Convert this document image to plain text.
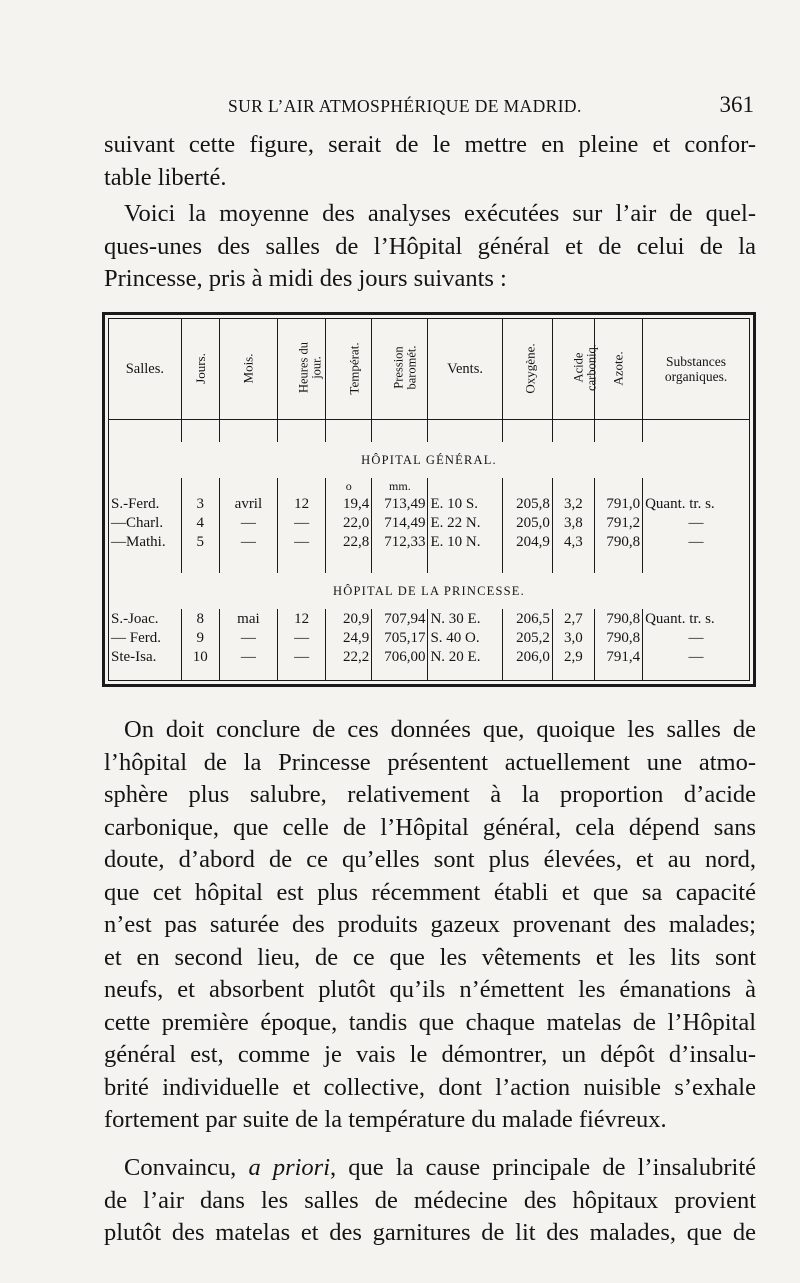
SUR L’AIR ATMOSPHÉRIQUE DE MADRID.	361
suivant cette figure, serait de le mettre en pleine et confor-
table liberté.
Voici la moyenne des analyses exécutées sur l’air de quel-
ques-unes des salles de l’Hôpital général et de celui de la
Princesse, pris à midi des jours suivants :
Salles.	Jours.	Mois.	Heures du jour.	Températ.	Pression baromét.	Vents.	Oxygène.	Acide carboniq.	Azote.	Substances organiques.

HÔPITAL GÉNÉRAL.										
				o	mm.					
S.-Ferd.	3	avril	12	19,4	713,49	E. 10 S.	205,8	3,2	791,0	Quant. tr. s.
—Charl.	4	—	—	22,0	714,49	E. 22 N.	205,0	3,8	791,2	—
—Mathi.	5	—	—	22,8	712,33	E. 10 N.	204,9	4,3	790,8	—

HÔPITAL DE LA PRINCESSE.										
S.-Joac.	8	mai	12	20,9	707,94	N. 30 E.	206,5	2,7	790,8	Quant. tr. s.
— Ferd.	9	—	—	24,9	705,17	S. 40 O.	205,2	3,0	790,8	—
Ste-Isa.	10	—	—	22,2	706,00	N. 20 E.	206,0	2,9	791,4	—

On doit conclure de ces données que, quoique les salles de
l’hôpital de la Princesse présentent actuellement une atmo-
sphère plus salubre, relativement à la proportion d’acide
carbonique, que celle de l’Hôpital général, cela dépend sans
doute, d’abord de ce qu’elles sont plus élevées, et au nord,
que cet hôpital est plus récemment établi et que sa capacité
n’est pas saturée des produits gazeux provenant des malades;
et en second lieu, de ce que les vêtements et les lits sont
neufs, et absorbent plutôt qu’ils n’émettent les émanations à
cette première époque, tandis que chaque matelas de l’Hôpital
général est, comme je vais le démontrer, un dépôt d’insalu-
brité individuelle et collective, dont l’action nuisible s’exhale
fortement par suite de la température du malade fiévreux.
Convaincu, a priori, que la cause principale de l’insalubrité
de l’air dans les salles de médecine des hôpitaux provient
plutôt des matelas et des garnitures de lit des malades, que de
